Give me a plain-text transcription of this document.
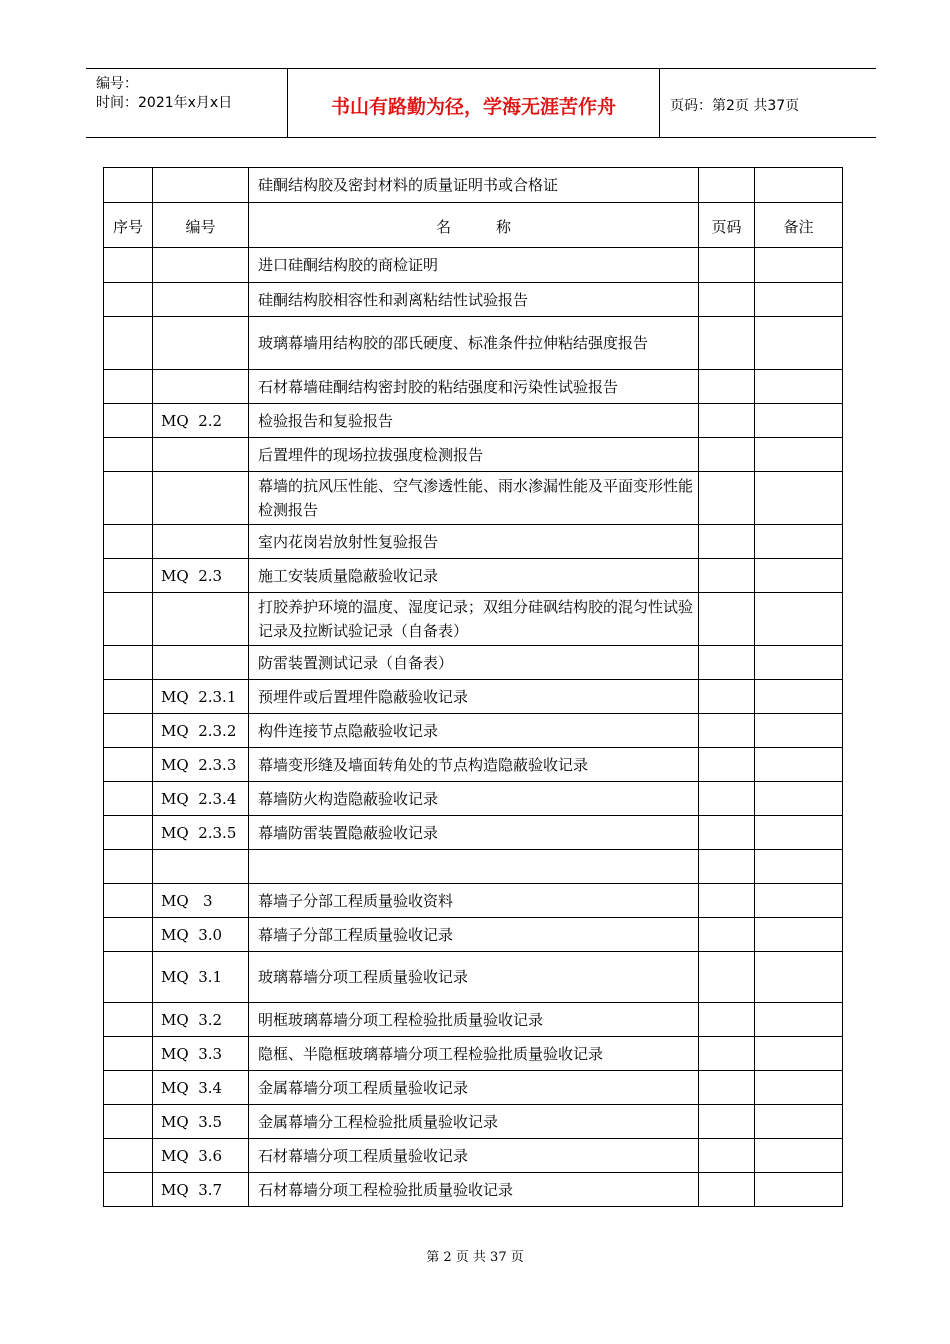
编号：
时间：2021年x月x日	书山有路勤为径，学海无涯苦作舟	页码：第2页 共37页
		硅酮结构胶及密封材料的质量证明书或合格证		
序号	编号	名　　　称	页码	备注
		进口硅酮结构胶的商检证明		
		硅酮结构胶相容性和剥离粘结性试验报告		
		玻璃幕墙用结构胶的邵氏硬度、标准条件拉伸粘结强度报告		
		石材幕墙硅酮结构密封胶的粘结强度和污染性试验报告		
	MQ  2.2	检验报告和复验报告		
		后置埋件的现场拉拔强度检测报告		
		幕墙的抗风压性能、空气渗透性能、雨水渗漏性能及平面变形性能检测报告		
		室内花岗岩放射性复验报告		
	MQ  2.3	施工安装质量隐蔽验收记录		
		打胶养护环境的温度、湿度记录；双组分硅砜结构胶的混匀性试验记录及拉断试验记录（自备表）		
		防雷装置测试记录（自备表）		
	MQ  2.3.1	预埋件或后置埋件隐蔽验收记录		
	MQ  2.3.2	构件连接节点隐蔽验收记录		
	MQ  2.3.3	幕墙变形缝及墙面转角处的节点构造隐蔽验收记录		
	MQ  2.3.4	幕墙防火构造隐蔽验收记录		
	MQ  2.3.5	幕墙防雷装置隐蔽验收记录		

	MQ   3	幕墙子分部工程质量验收资料		
	MQ  3.0	幕墙子分部工程质量验收记录		
	MQ  3.1	玻璃幕墙分项工程质量验收记录		
	MQ  3.2	明框玻璃幕墙分项工程检验批质量验收记录		
	MQ  3.3	隐框、半隐框玻璃幕墙分项工程检验批质量验收记录		
	MQ  3.4	金属幕墙分项工程质量验收记录		
	MQ  3.5	金属幕墙分工程检验批质量验收记录		
	MQ  3.6	石材幕墙分项工程质量验收记录		
	MQ  3.7	石材幕墙分项工程检验批质量验收记录		
第 2 页 共 37 页
